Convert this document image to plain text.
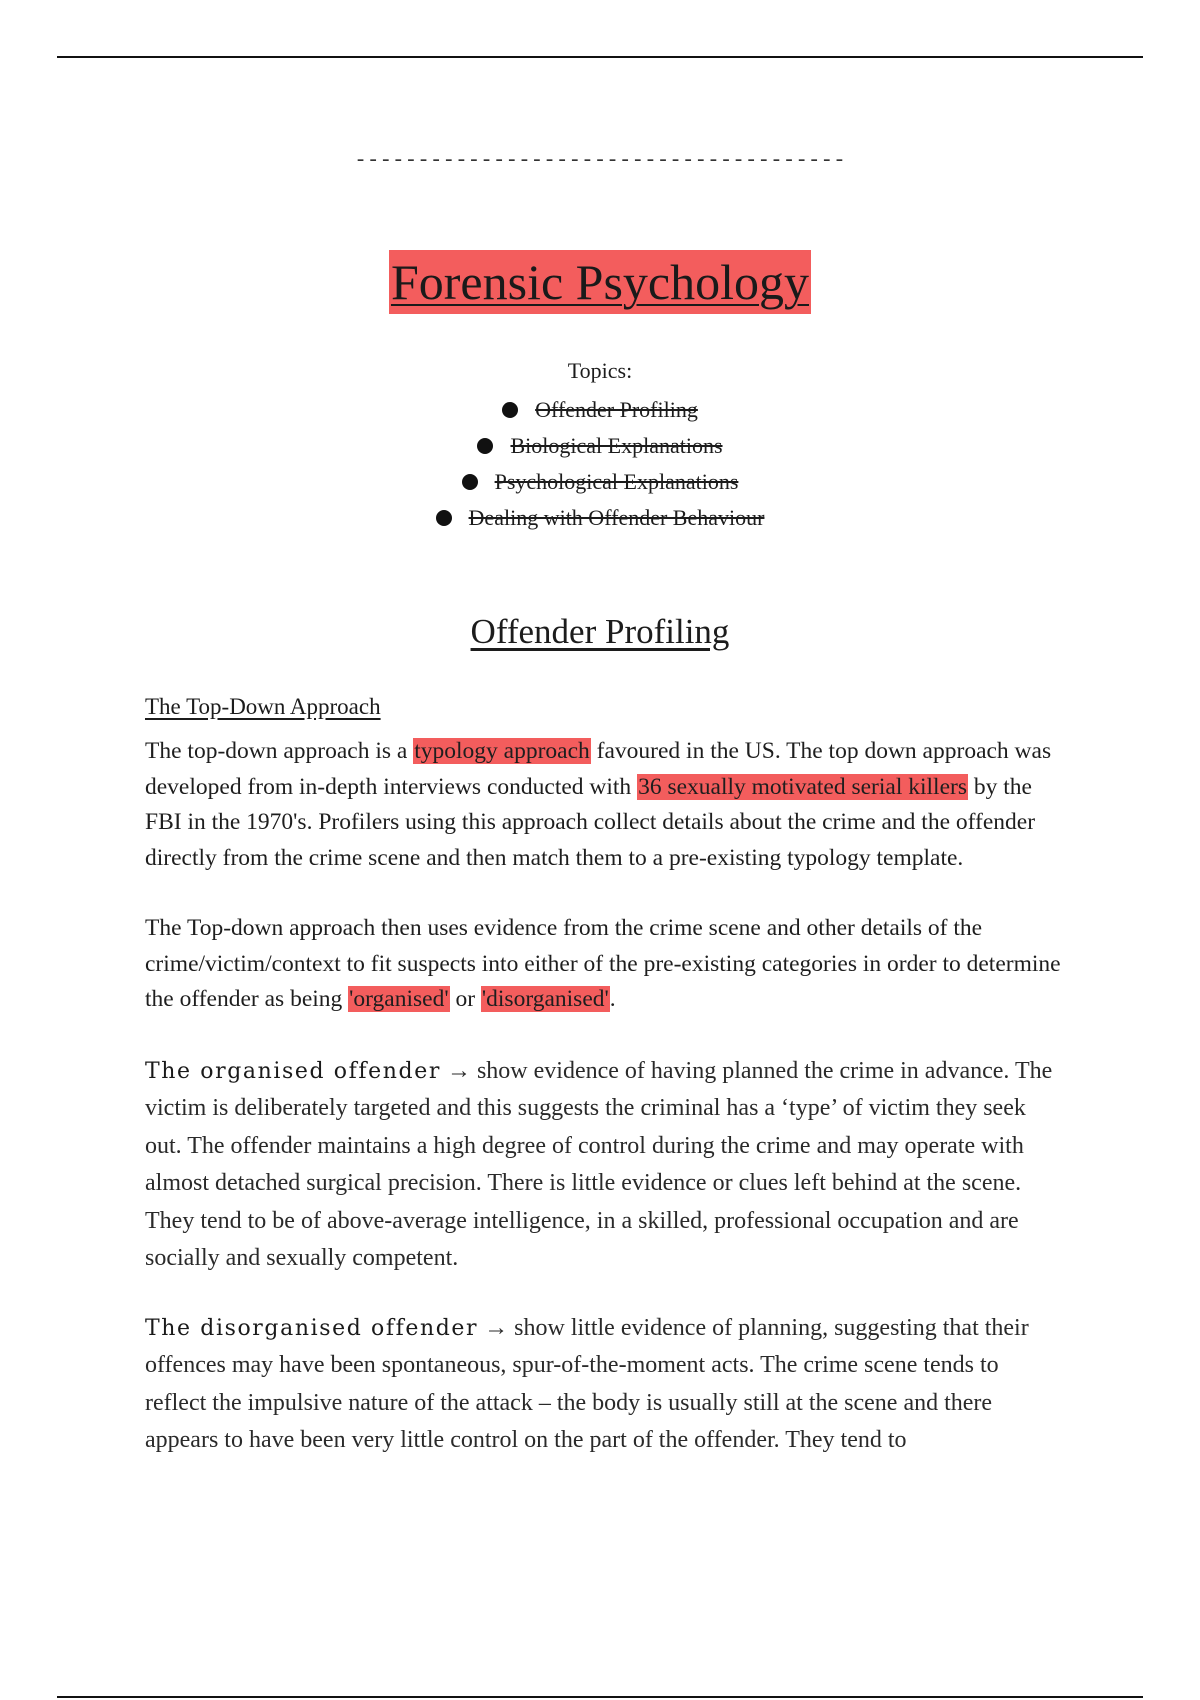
---------------------------------------
Forensic Psychology
Topics:
Offender Profiling
Biological Explanations
Psychological Explanations
Dealing with Offender Behaviour
Offender Profiling
The Top-Down Approach

The top-down approach is a typology approach favoured in the US. The top down approach was developed from in-depth interviews conducted with 36 sexually motivated serial killers by the FBI in the 1970's. Profilers using this approach collect details about the crime and the offender directly from the crime scene and then match them to a pre-existing typology template.

The Top-down approach then uses evidence from the crime scene and other details of the crime/victim/context to fit suspects into either of the pre-existing categories in order to determine the offender as being 'organised' or 'disorganised'.

The organised offender → show evidence of having planned the crime in advance. The victim is deliberately targeted and this suggests the criminal has a ‘type’ of victim they seek out. The offender maintains a high degree of control during the crime and may operate with almost detached surgical precision. There is little evidence or clues left behind at the scene. They tend to be of above-average intelligence, in a skilled, professional occupation and are socially and sexually competent.

The disorganised offender → show little evidence of planning, suggesting that their offences may have been spontaneous, spur-of-the-moment acts. The crime scene tends to reflect the impulsive nature of the attack – the body is usually still at the scene and there appears to have been very little control on the part of the offender. They tend to
